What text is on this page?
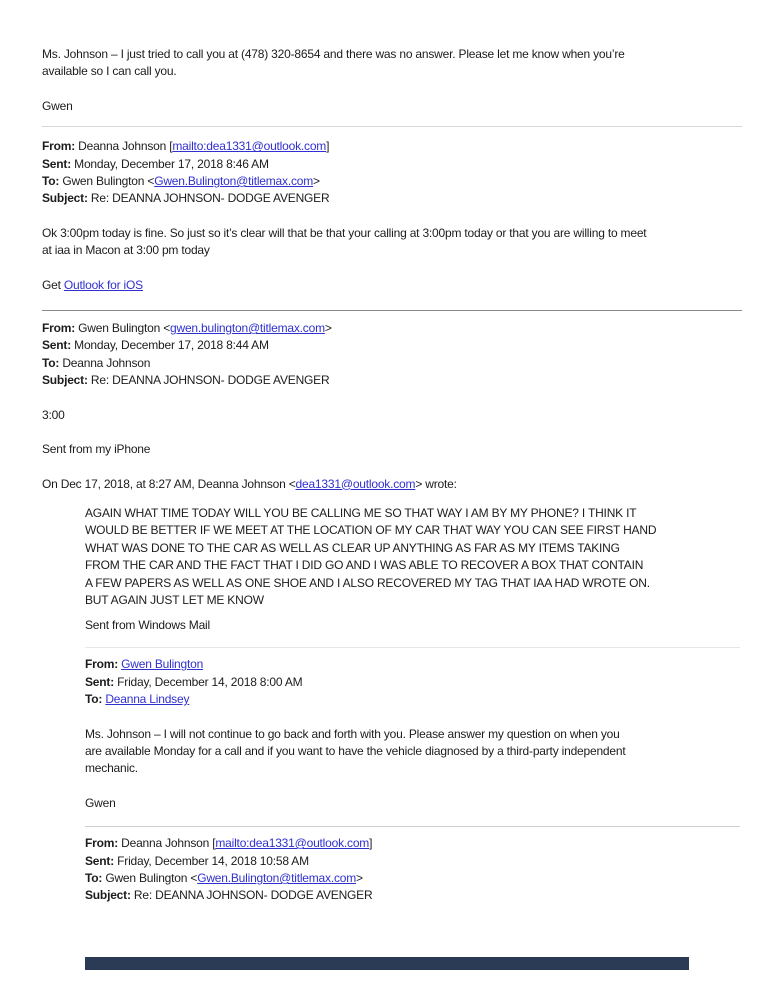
Ms. Johnson – I just tried to call you at (478) 320-8654 and there was no answer. Please let me know when you’re
available so I can call you.

Gwen

From: Deanna Johnson [mailto:dea1331@outlook.com]
Sent: Monday, December 17, 2018 8:46 AM
To: Gwen Bulington <Gwen.Bulington@titlemax.com>
Subject: Re: DEANNA JOHNSON- DODGE AVENGER

Ok 3:00pm today is fine. So just so it’s clear will that be that your calling at 3:00pm today or that you are willing to meet
at iaa in Macon at 3:00 pm today

Get Outlook for iOS

From: Gwen Bulington <gwen.bulington@titlemax.com>
Sent: Monday, December 17, 2018 8:44 AM
To: Deanna Johnson
Subject: Re: DEANNA JOHNSON- DODGE AVENGER

3:00

Sent from my iPhone

On Dec 17, 2018, at 8:27 AM, Deanna Johnson <dea1331@outlook.com> wrote:

AGAIN WHAT TIME TODAY WILL YOU BE CALLING ME SO THAT WAY I AM BY MY PHONE? I THINK IT
WOULD BE BETTER IF WE MEET AT THE LOCATION OF MY CAR THAT WAY YOU CAN SEE FIRST HAND
WHAT WAS DONE TO THE CAR AS WELL AS CLEAR UP ANYTHING AS FAR AS MY ITEMS TAKING
FROM THE CAR AND THE FACT THAT I DID GO AND I WAS ABLE TO RECOVER A BOX THAT CONTAIN
A FEW PAPERS AS WELL AS ONE SHOE AND I ALSO RECOVERED MY TAG THAT IAA HAD WROTE ON.
BUT AGAIN JUST LET ME KNOW

Sent from Windows Mail

From: Gwen Bulington
Sent: Friday, December 14, 2018 8:00 AM
To: Deanna Lindsey

Ms. Johnson – I will not continue to go back and forth with you. Please answer my question on when you
are available Monday for a call and if you want to have the vehicle diagnosed by a third-party independent
mechanic.

Gwen

From: Deanna Johnson [mailto:dea1331@outlook.com]
Sent: Friday, December 14, 2018 10:58 AM
To: Gwen Bulington <Gwen.Bulington@titlemax.com>
Subject: Re: DEANNA JOHNSON- DODGE AVENGER
